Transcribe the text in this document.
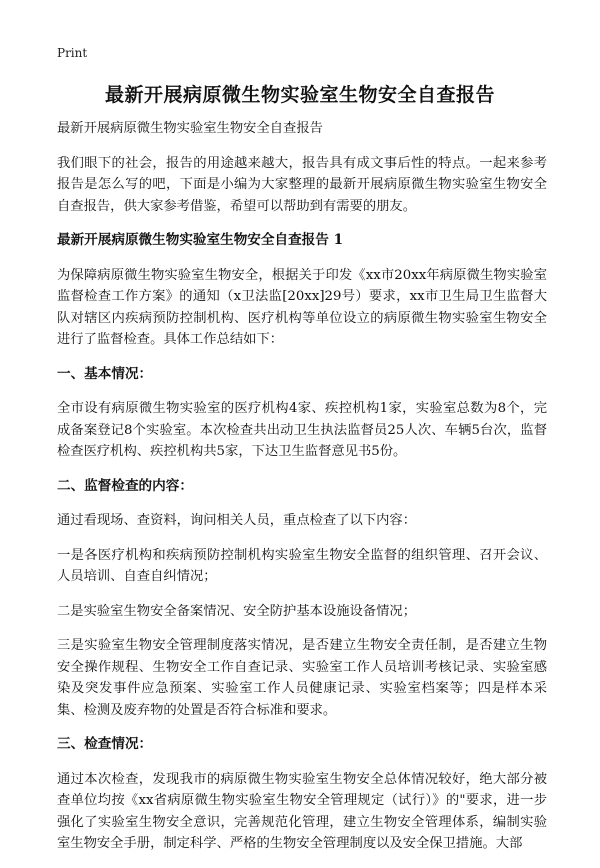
Print
最新开展病原微生物实验室生物安全自查报告

最新开展病原微生物实验室生物安全自查报告

我们眼下的社会，报告的用途越来越大，报告具有成文事后性的特点。一起来参考报告是怎么写的吧，下面是小编为大家整理的最新开展病原微生物实验室生物安全自查报告，供大家参考借鉴，希望可以帮助到有需要的朋友。

最新开展病原微生物实验室生物安全自查报告 1

为保障病原微生物实验室生物安全，根据关于印发《xx市20xx年病原微生物实验室监督检查工作方案》的通知（x卫法监[20xx]29号）要求，xx市卫生局卫生监督大队对辖区内疾病预防控制机构、医疗机构等单位设立的病原微生物实验室生物安全进行了监督检查。具体工作总结如下：

一、基本情况：

全市设有病原微生物实验室的医疗机构4家、疾控机构1家，实验室总数为8个，完成备案登记8个实验室。本次检查共出动卫生执法监督员25人次、车辆5台次，监督检查医疗机构、疾控机构共5家，下达卫生监督意见书5份。

二、监督检查的内容：

通过看现场、查资料，询问相关人员，重点检查了以下内容：

一是各医疗机构和疾病预防控制机构实验室生物安全监督的组织管理、召开会议、人员培训、自查自纠情况；

二是实验室生物安全备案情况、安全防护基本设施设备情况；

三是实验室生物安全管理制度落实情况，是否建立生物安全责任制，是否建立生物安全操作规程、生物安全工作自查记录、实验室工作人员培训考核记录、实验室感染及突发事件应急预案、实验室工作人员健康记录、实验室档案等；四是样本采集、检测及废弃物的处置是否符合标准和要求。

三、检查情况：

通过本次检查，发现我市的病原微生物实验室生物安全总体情况较好，绝大部分被查单位均按《xx省病原微生物实验室生物安全管理规定（试行）》的"要求，进一步强化了实验室生物安全意识，完善规范化管理，建立生物安全管理体系，编制实验室生物安全手册，制定科学、严格的生物安全管理制度以及安全保卫措施。大部
